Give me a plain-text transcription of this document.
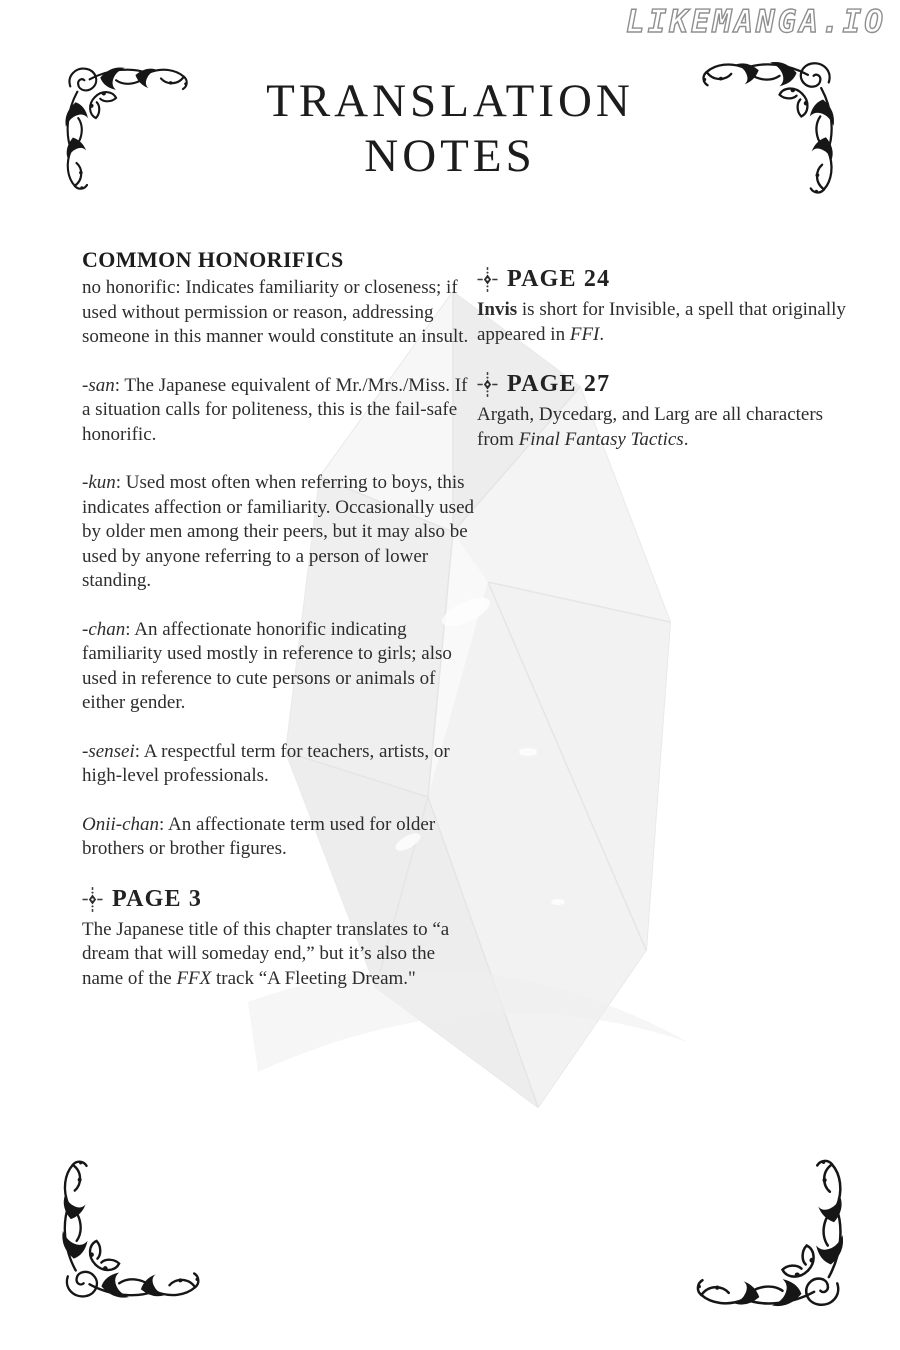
LIKEMANGA.IO
TRANSLATION
NOTES
COMMON HONORIFICS

no honorific: Indicates familiarity or closeness; if used without permission or reason, addressing someone in this manner would constitute an insult.

-san: The Japanese equivalent of Mr./Mrs./Miss. If a situation calls for politeness, this is the fail-safe honorific.

-kun: Used most often when referring to boys, this indicates affection or familiarity. Occasionally used by older men among their peers, but it may also be used by anyone referring to a person of lower standing.

-chan: An affectionate honorific indicating familiarity used mostly in reference to girls; also used in reference to cute persons or animals of either gender.

-sensei: A respectful term for teachers, artists, or high-level professionals.

Onii-chan: An affectionate term used for older brothers or brother figures.

PAGE 3

The Japanese title of this chapter translates to “a dream that will someday end,” but it’s also the name of the FFX track “A Fleeting Dream."

PAGE 24

Invis is short for Invisible, a spell that originally appeared in FFI.

PAGE 27

Argath, Dycedarg, and Larg are all characters from Final Fantasy Tactics.
